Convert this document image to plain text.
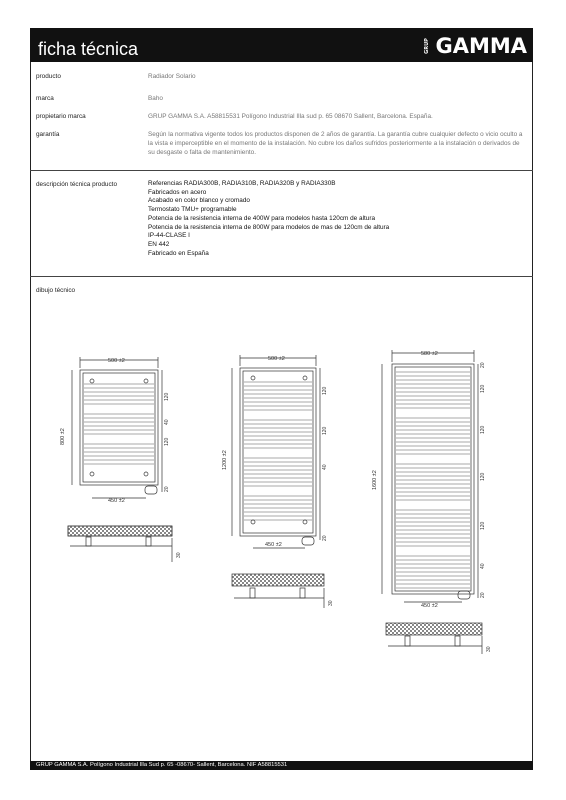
ficha técnica	GRUP GAMMA
producto	Radiador Solario
marca	Baho
propietario marca	GRUP GAMMA S.A. A58815531 Polígono Industrial Illa sud p. 65 08670 Sallent, Barcelona. España.
garantía	Según la normativa vigente todos los productos disponen de 2 años de garantía. La garantía cubre cualquier defecto o vicio oculto a la vista e imperceptible en el momento de la instalación. No cubre los daños sufridos posteriormente a la instalación o derivados de su desgaste o falta de mantenimiento.
descripción técnica producto	Referencias RADIA300B, RADIA310B, RADIA320B y RADIA330B
Fabricados en acero
Acabado en color blanco y cromado
Termostato TMU+ programable
Potencia de la resistencia interna de 400W para modelos hasta 120cm de altura
Potencia de la resistencia interna de 800W para modelos de mas de 120cm de altura
IP-44-CLASE I
EN 442
Fabricado en España
dibujo técnico
500 ±2
800 ±2
450 ±2
120
40
120
20
30
500 ±2
1200 ±2
450 ±2
120
120
40
20
30
580 ±2
1600 ±2
450 ±2
20
120
120
120
120
40
20
30
GRUP GAMMA S.A. Polígono Industrial Illa Sud p. 65 -08670- Sallent, Barcelona. NIF A58815531
